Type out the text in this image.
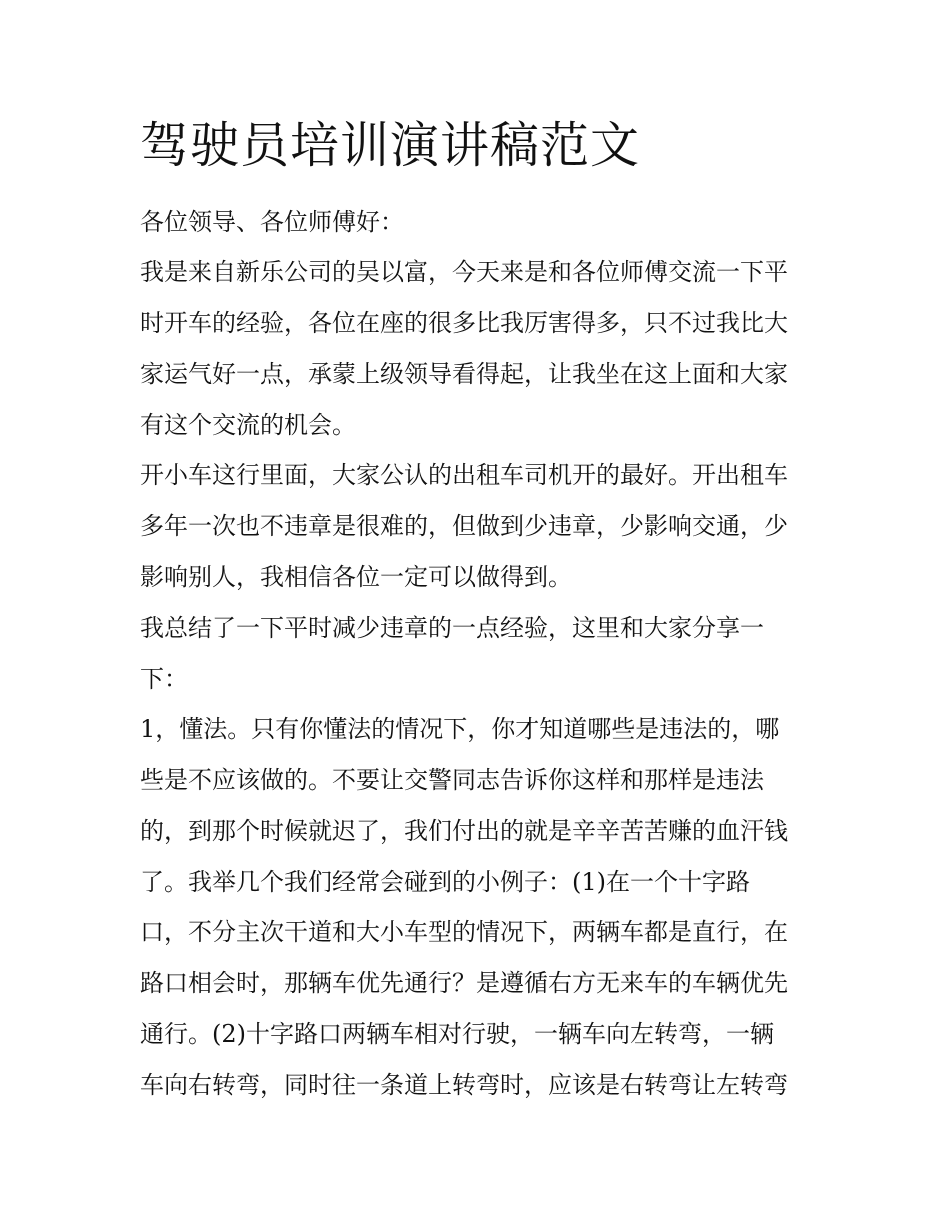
驾驶员培训演讲稿范文

各位领导、各位师傅好：

我是来自新乐公司的吴以富，今天来是和各位师傅交流一下平

时开车的经验，各位在座的很多比我厉害得多，只不过我比大

家运气好一点，承蒙上级领导看得起，让我坐在这上面和大家

有这个交流的机会。

开小车这行里面，大家公认的出租车司机开的最好。开出租车

多年一次也不违章是很难的，但做到少违章，少影响交通，少

影响别人，我相信各位一定可以做得到。

我总结了一下平时减少违章的一点经验，这里和大家分享一

下：

1，懂法。只有你懂法的情况下，你才知道哪些是违法的，哪

些是不应该做的。不要让交警同志告诉你这样和那样是违法

的，到那个时候就迟了，我们付出的就是辛辛苦苦赚的血汗钱

了。我举几个我们经常会碰到的小例子：(1)在一个十字路

口，不分主次干道和大小车型的情况下，两辆车都是直行，在

路口相会时，那辆车优先通行？是遵循右方无来车的车辆优先

通行。(2)十字路口两辆车相对行驶，一辆车向左转弯，一辆

车向右转弯，同时往一条道上转弯时，应该是右转弯让左转弯
